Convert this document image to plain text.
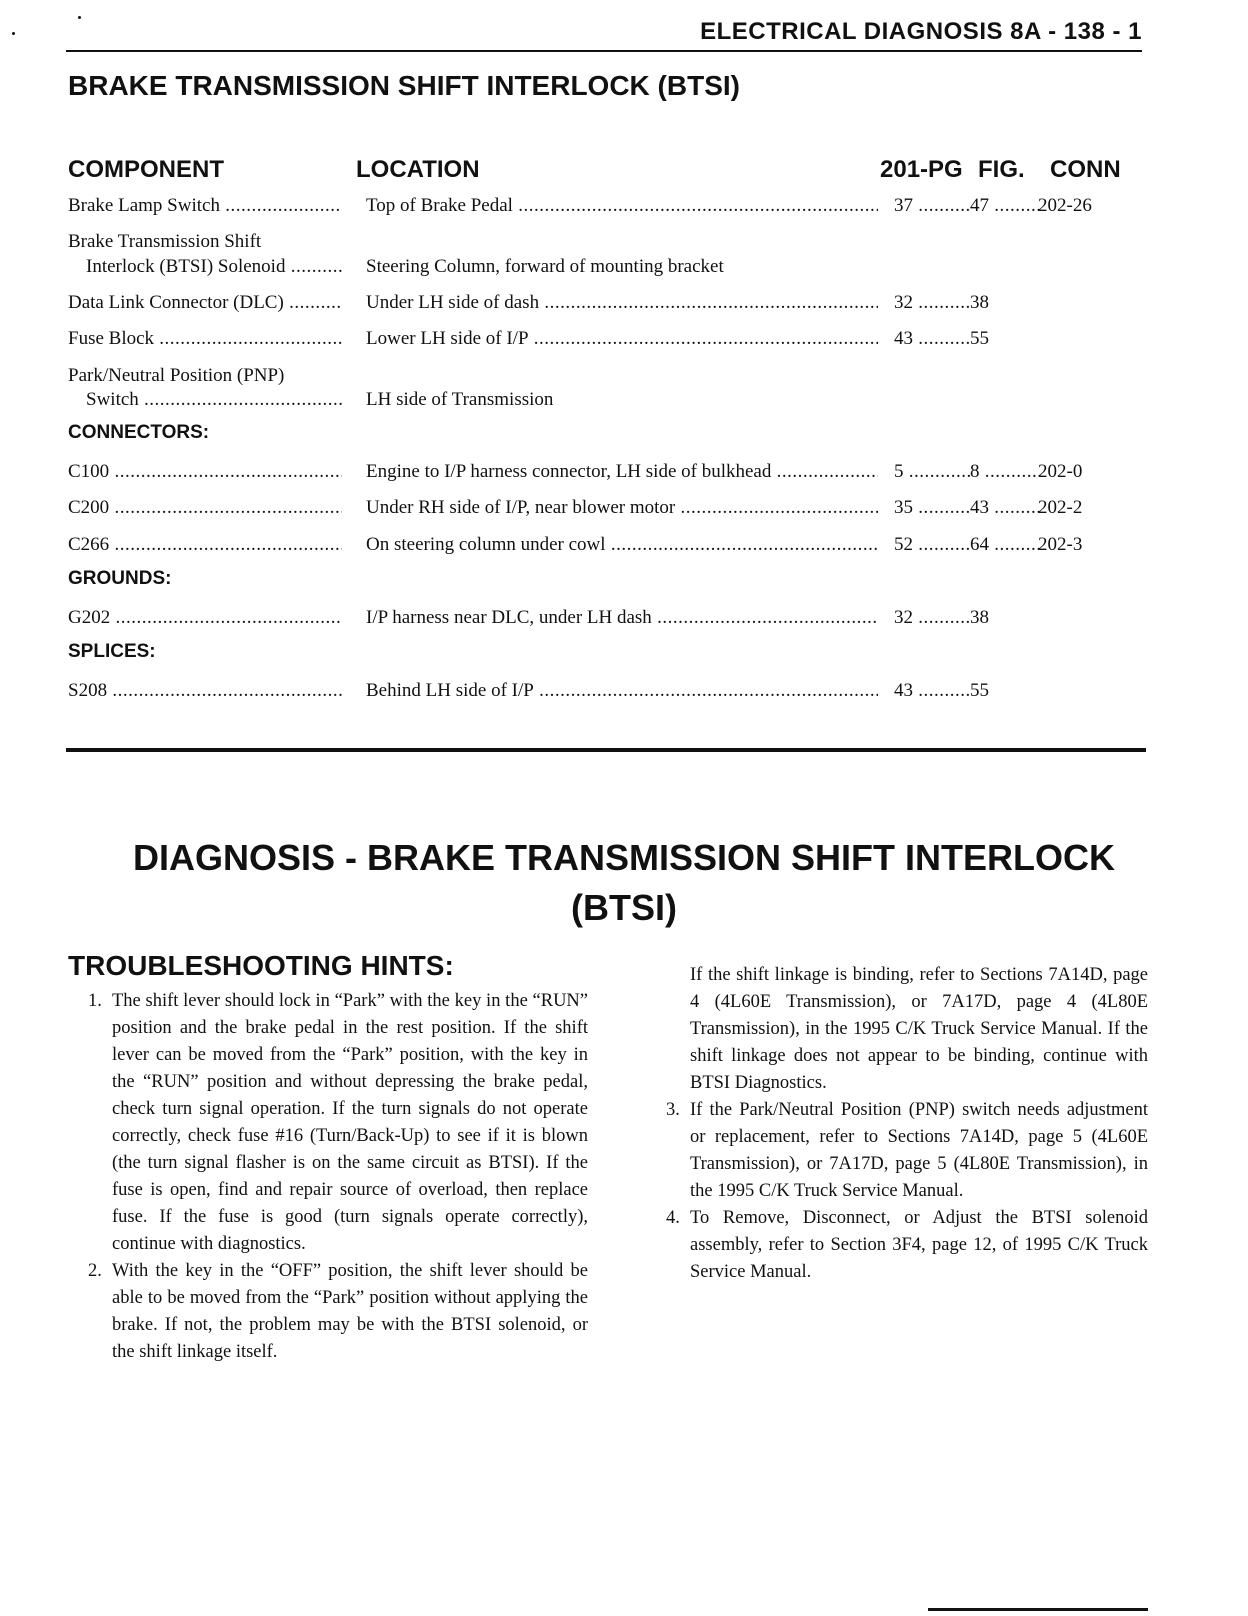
ELECTRICAL DIAGNOSIS 8A - 138 - 1
BRAKE TRANSMISSION SHIFT INTERLOCK (BTSI)
COMPONENT	LOCATION	201-PG FIG. CONN
Brake Lamp Switch .....	Top of Brake Pedal .....	37 .....	47 .....	202-26
Brake Transmission Shift
Interlock (BTSI) Solenoid .....	Steering Column, forward of mounting bracket
Data Link Connector (DLC) .....	Under LH side of dash .....	32 .....	38
Fuse Block .....	Lower LH side of I/P .....	43 .....	55
Park/Neutral Position (PNP)
Switch .....	LH side of Transmission
CONNECTORS:
C100 .....	Engine to I/P harness connector, LH side of bulkhead .....	5 .....	8 .....	202-0
C200 .....	Under RH side of I/P, near blower motor .....	35 .....	43 .....	202-2
C266 .....	On steering column under cowl .....	52 .....	64 .....	202-3
GROUNDS:
G202 .....	I/P harness near DLC, under LH dash .....	32 .....	38
SPLICES:
S208 .....	Behind LH side of I/P .....	43 .....	55
DIAGNOSIS - BRAKE TRANSMISSION SHIFT INTERLOCK
(BTSI)
TROUBLESHOOTING HINTS:
1. The shift lever should lock in “Park” with the key in the “RUN” position and the brake pedal in the rest position. If the shift lever can be moved from the “Park” position, with the key in the “RUN” position and without depressing the brake pedal, check turn signal operation. If the turn signals do not operate correctly, check fuse #16 (Turn/Back-Up) to see if it is blown (the turn signal flasher is on the same circuit as BTSI). If the fuse is open, find and repair source of overload, then replace fuse. If the fuse is good (turn signals operate correctly), continue with diagnostics.
2. With the key in the “OFF” position, the shift lever should be able to be moved from the “Park” position without applying the brake. If not, the problem may be with the BTSI solenoid, or the shift linkage itself.
If the shift linkage is binding, refer to Sections 7A14D, page 4 (4L60E Transmission), or 7A17D, page 4 (4L80E Transmission), in the 1995 C/K Truck Service Manual. If the shift linkage does not appear to be binding, continue with BTSI Diagnostics.
3. If the Park/Neutral Position (PNP) switch needs adjustment or replacement, refer to Sections 7A14D, page 5 (4L60E Transmission), or 7A17D, page 5 (4L80E Transmission), in the 1995 C/K Truck Service Manual.
4. To Remove, Disconnect, or Adjust the BTSI solenoid assembly, refer to Section 3F4, page 12, of 1995 C/K Truck Service Manual.
